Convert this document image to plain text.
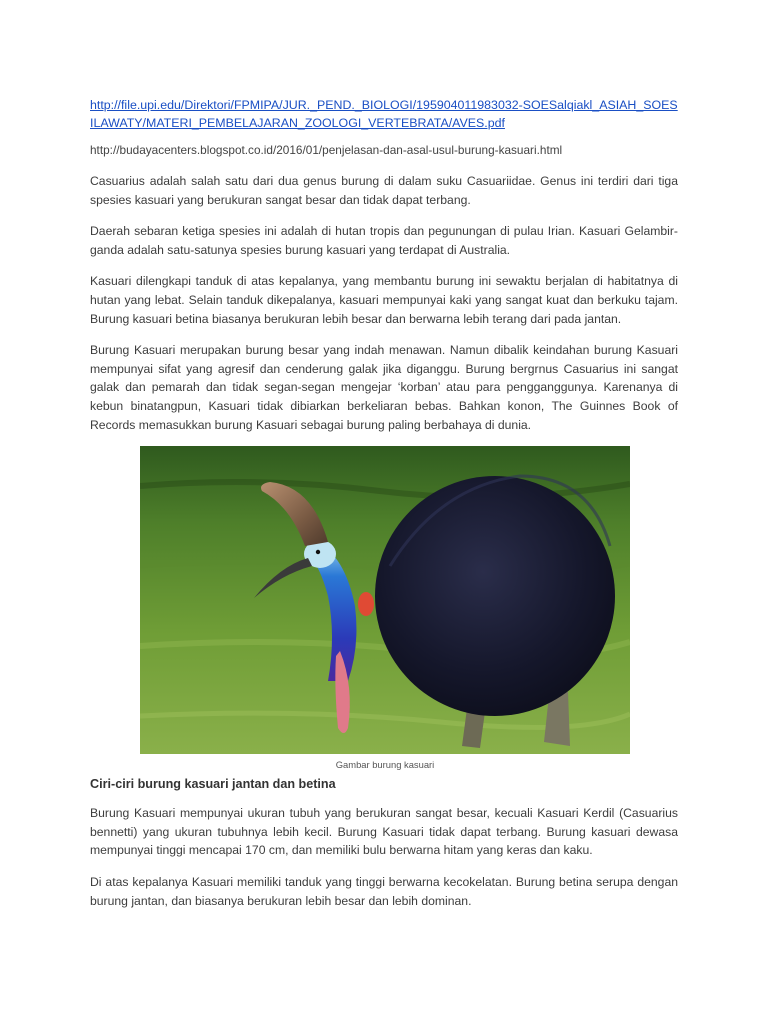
http://file.upi.edu/Direktori/FPMIPA/JUR._PEND._BIOLOGI/195904011983032-SOESalqiakl_ASIAH_SOESILAWATY/MATERI_PEMBELAJARAN_ZOOLOGI_VERTEBRATA/AVES.pdf
http://budayacenters.blogspot.co.id/2016/01/penjelasan-dan-asal-usul-burung-kasuari.html

Casuarius adalah salah satu dari dua genus burung di dalam suku Casuariidae. Genus ini terdiri dari tiga spesies kasuari yang berukuran sangat besar dan tidak dapat terbang.

Daerah sebaran ketiga spesies ini adalah di hutan tropis dan pegunungan di pulau Irian. Kasuari Gelambir-ganda adalah satu-satunya spesies burung kasuari yang terdapat di Australia.

Kasuari dilengkapi tanduk di atas kepalanya, yang membantu burung ini sewaktu berjalan di habitatnya di hutan yang lebat. Selain tanduk dikepalanya, kasuari mempunyai kaki yang sangat kuat dan berkuku tajam. Burung kasuari betina biasanya berukuran lebih besar dan berwarna lebih terang dari pada jantan.

Burung Kasuari merupakan burung besar yang indah menawan. Namun dibalik keindahan burung Kasuari mempunyai sifat yang agresif dan cenderung galak jika diganggu. Burung bergrnus Casuarius ini sangat galak dan pemarah dan tidak segan-segan mengejar ‘korban’ atau para pengganggunya. Karenanya di kebun binatangpun, Kasuari tidak dibiarkan berkeliaran bebas. Bahkan konon, The Guinnes Book of Records memasukkan burung Kasuari sebagai burung paling berbahaya di dunia.

Gambar burung kasuari
Ciri-ciri burung kasuari jantan dan betina

Burung Kasuari mempunyai ukuran tubuh yang berukuran sangat besar, kecuali Kasuari Kerdil (Casuarius bennetti) yang ukuran tubuhnya lebih kecil. Burung Kasuari tidak dapat terbang. Burung kasuari dewasa mempunyai tinggi mencapai 170 cm, dan memiliki bulu berwarna hitam yang keras dan kaku.

Di atas kepalanya Kasuari memiliki tanduk yang tinggi berwarna kecokelatan. Burung betina serupa dengan burung jantan, dan biasanya berukuran lebih besar dan lebih dominan.
